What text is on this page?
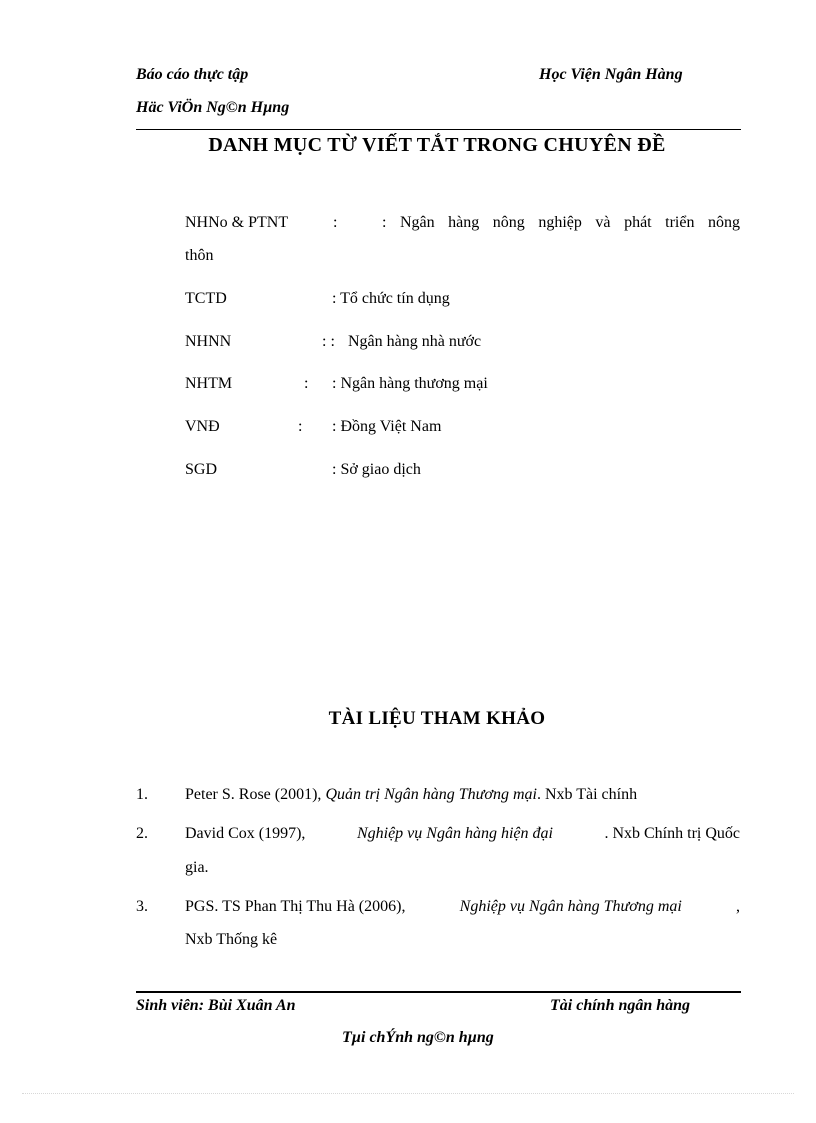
Báo cáo thực tập	Học Viện Ngân Hàng
Häc ViÖn Ng©n Hµng
DANH MỤC TỪ VIẾT TẮT TRONG CHUYÊN ĐỀ
NHNo & PTNT	:	: Ngân hàng nông nghiệp và phát triển nông
thôn
TCTD	: Tổ chức tín dụng
NHNN	: : Ngân hàng nhà nước
NHTM	: : Ngân hàng thương mại
VNĐ	: : Đồng Việt Nam
SGD	: Sở giao dịch
TÀI LIỆU THAM KHẢO
1. Peter S. Rose (2001), Quản trị Ngân hàng Thương mại. Nxb Tài chính
2. David Cox (1997),	Nghiệp vụ Ngân hàng hiện đại	. Nxb Chính trị Quốc
gia.
3. PGS. TS Phan Thị Thu Hà (2006),	Nghiệp vụ Ngân hàng Thương mại	,
Nxb Thống kê
Sinh viên: Bùi Xuân An	Tài chính ngân hàng
Tµi chÝnh ng©n hµng
